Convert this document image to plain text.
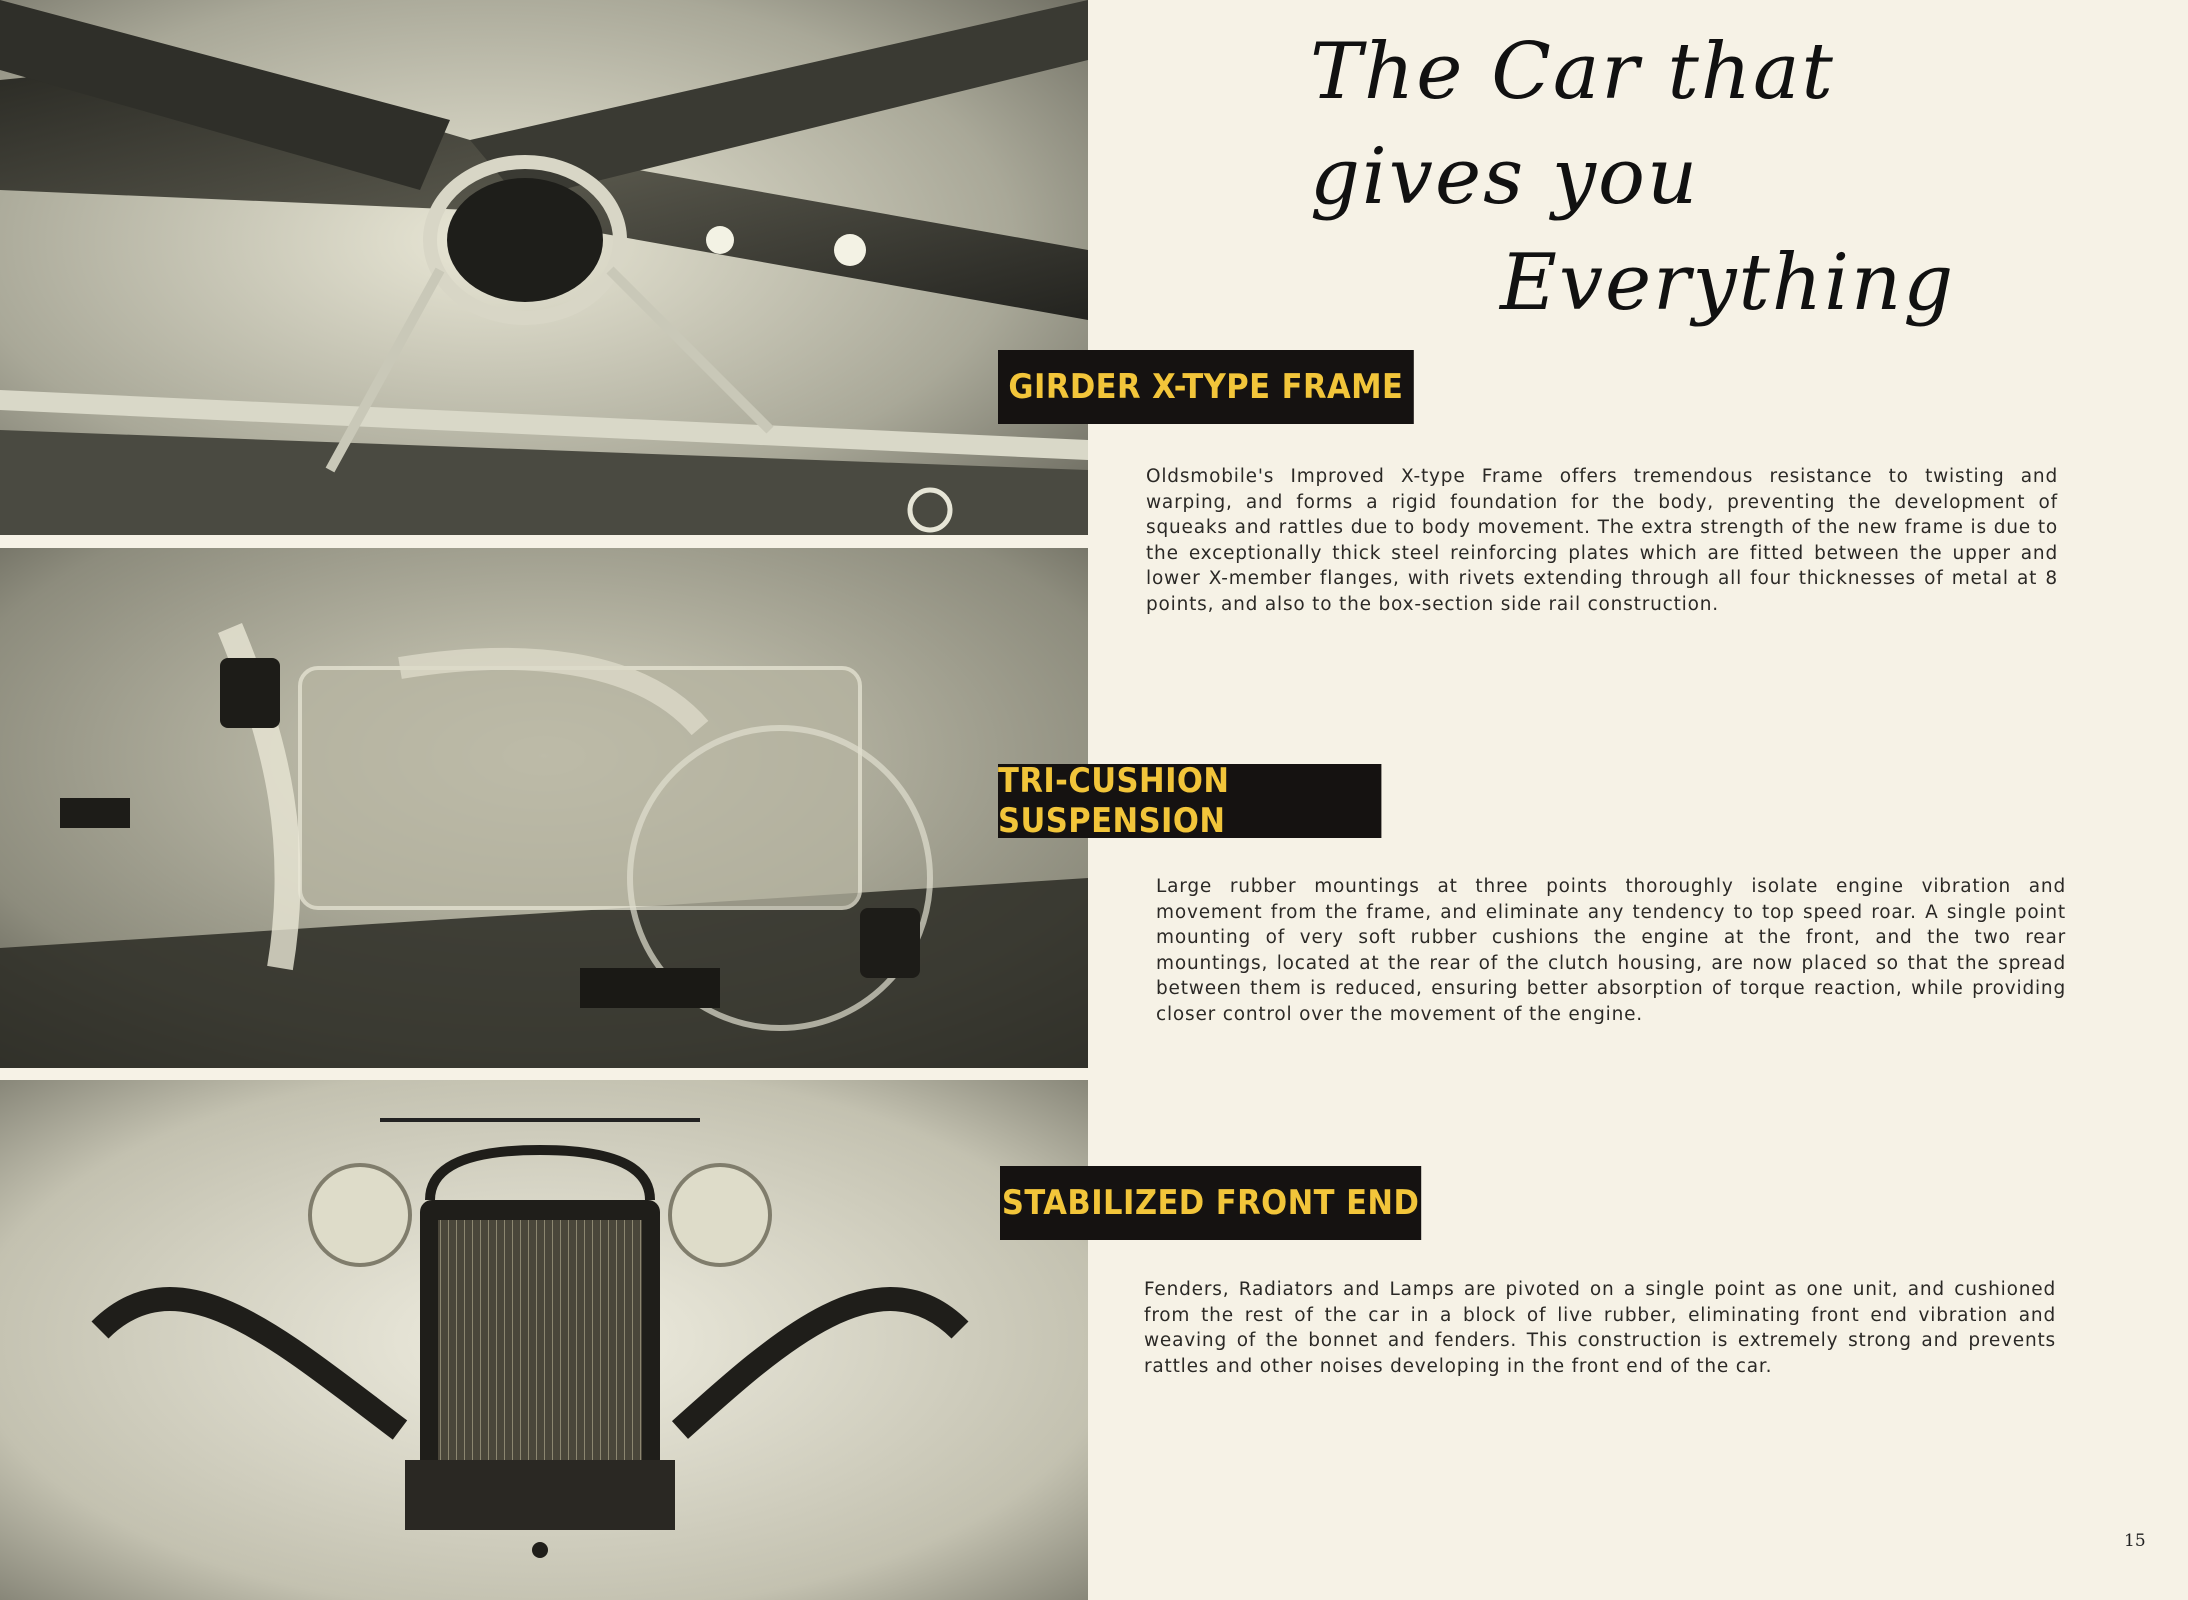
The Car that gives you
Everything
GIRDER X-TYPE FRAME
Oldsmobile's Improved X-type Frame offers tremendous resistance to twisting and warping, and forms a rigid foundation for the body, preventing the development of squeaks and rattles due to body movement. The extra strength of the new frame is due to the exceptionally thick steel reinforcing plates which are fitted between the upper and lower X-member flanges, with rivets extending through all four thicknesses of metal at 8 points, and also to the box-section side rail construction.
TRI-CUSHION SUSPENSION
Large rubber mountings at three points thoroughly isolate engine vibration and movement from the frame, and eliminate any tendency to top speed roar. A single point mounting of very soft rubber cushions the engine at the front, and the two rear mountings, located at the rear of the clutch housing, are now placed so that the spread between them is reduced, ensuring better absorption of torque reaction, while providing closer control over the movement of the engine.
STABILIZED FRONT END
Fenders, Radiators and Lamps are pivoted on a single point as one unit, and cushioned from the rest of the car in a block of live rubber, eliminating front end vibration and weaving of the bonnet and fenders. This construction is extremely strong and prevents rattles and other noises developing in the front end of the car.
15
